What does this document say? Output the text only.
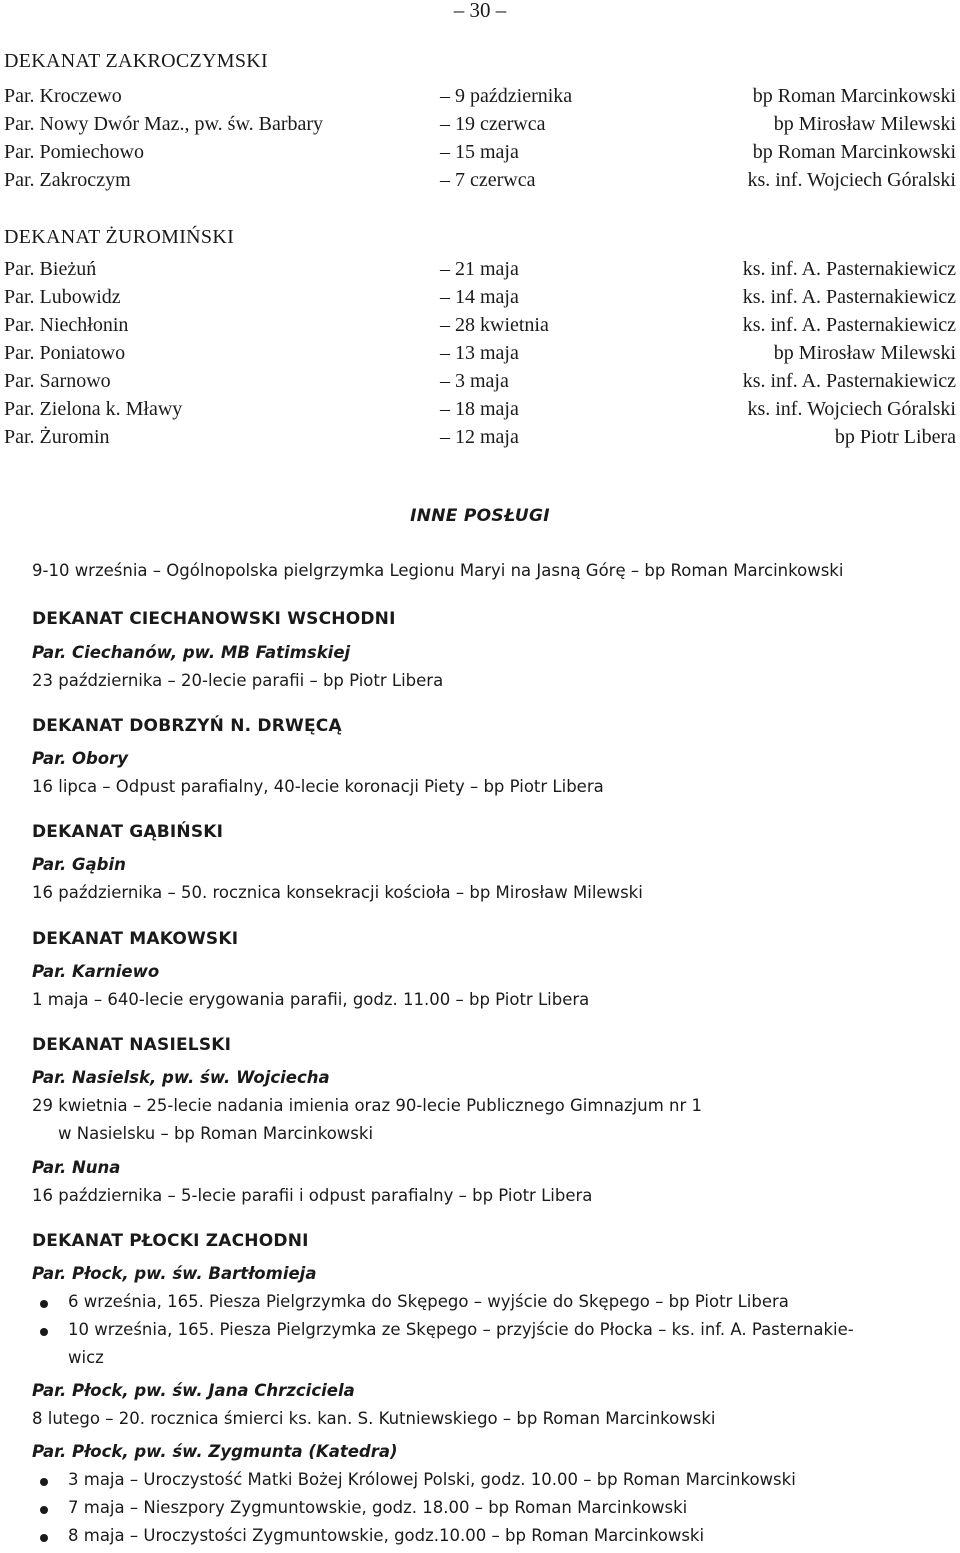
– 30 –
DEKANAT ZAKROCZYMSKI
Par. Kroczewo	– 9 października	bp Roman Marcinkowski
Par. Nowy Dwór Maz., pw. św. Barbary	– 19 czerwca	bp Mirosław Milewski
Par. Pomiechowo	– 15 maja	bp Roman Marcinkowski
Par. Zakroczym	– 7 czerwca	ks. inf. Wojciech Góralski
DEKANAT ŻUROMIŃSKI
Par. Bieżuń	– 21 maja	ks. inf. A. Pasternakiewicz
Par. Lubowidz	– 14 maja	ks. inf. A. Pasternakiewicz
Par. Niechłonin	– 28 kwietnia	ks. inf. A. Pasternakiewicz
Par. Poniatowo	– 13 maja	bp Mirosław Milewski
Par. Sarnowo	– 3 maja	ks. inf. A. Pasternakiewicz
Par. Zielona k. Mławy	– 18 maja	ks. inf. Wojciech Góralski
Par. Żuromin	– 12 maja	bp Piotr Libera
INNE POSŁUGI
9-10 września – Ogólnopolska pielgrzymka Legionu Maryi na Jasną Górę – bp Roman Marcinkowski
DEKANAT CIECHANOWSKI WSCHODNI
Par. Ciechanów, pw. MB Fatimskiej
23 października – 20-lecie parafii – bp Piotr Libera
DEKANAT DOBRZYŃ N. DRWĘCĄ
Par. Obory
16 lipca – Odpust parafialny, 40-lecie koronacji Piety – bp Piotr Libera
DEKANAT GĄBIŃSKI
Par. Gąbin
16 października – 50. rocznica konsekracji kościoła – bp Mirosław Milewski
DEKANAT MAKOWSKI
Par. Karniewo
1 maja – 640-lecie erygowania parafii, godz. 11.00 – bp Piotr Libera
DEKANAT NASIELSKI
Par. Nasielsk, pw. św. Wojciecha
29 kwietnia – 25-lecie nadania imienia oraz 90-lecie Publicznego Gimnazjum nr 1
w Nasielsku – bp Roman Marcinkowski
Par. Nuna
16 października – 5-lecie parafii i odpust parafialny – bp Piotr Libera
DEKANAT PŁOCKI ZACHODNI
Par. Płock, pw. św. Bartłomieja
6 września, 165. Piesza Pielgrzymka do Skępego – wyjście do Skępego – bp Piotr Libera
10 września, 165. Piesza Pielgrzymka ze Skępego – przyjście do Płocka – ks. inf. A. Pasternakie-
wicz
Par. Płock, pw. św. Jana Chrzciciela
8 lutego – 20. rocznica śmierci ks. kan. S. Kutniewskiego – bp Roman Marcinkowski
Par. Płock, pw. św. Zygmunta (Katedra)
3 maja – Uroczystość Matki Bożej Królowej Polski, godz. 10.00 – bp Roman Marcinkowski
7 maja – Nieszpory Zygmuntowskie, godz. 18.00 – bp Roman Marcinkowski
8 maja – Uroczystości Zygmuntowskie, godz.10.00 – bp Roman Marcinkowski
